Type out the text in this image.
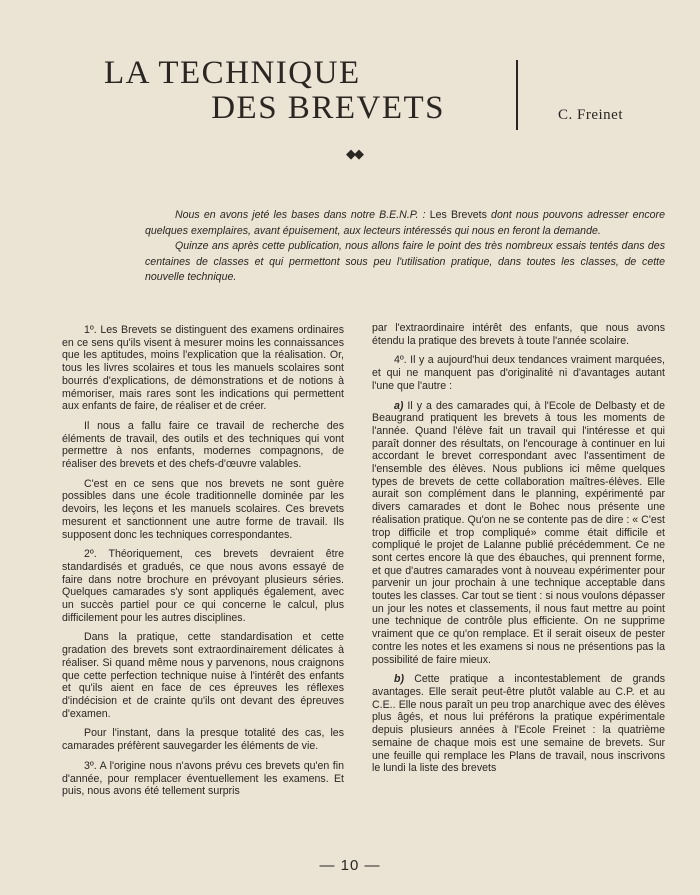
LA TECHNIQUE
DES BREVETS	C. Freinet
◆◆

Nous en avons jeté les bases dans notre B.E.N.P. : Les Brevets dont nous pouvons adresser encore quelques exemplaires, avant épuisement, aux lecteurs intéressés qui nous en feront la demande.

Quinze ans après cette publication, nous allons faire le point des très nombreux essais tentés dans des centaines de classes et qui permettont sous peu l'utilisation pratique, dans toutes les classes, de cette nouvelle technique.

1º. Les Brevets se distinguent des examens ordinaires en ce sens qu'ils visent à mesurer moins les connaissances que les aptitudes, moins l'explication que la réalisation. Or, tous les livres scolaires et tous les manuels scolaires sont bourrés d'explications, de démonstrations et de notions à mémoriser, mais rares sont les indications qui permettent aux enfants de faire, de réaliser et de créer.

Il nous a fallu faire ce travail de recherche des éléments de travail, des outils et des techniques qui vont permettre à nos enfants, modernes compagnons, de réaliser des brevets et des chefs-d'œuvre valables.

C'est en ce sens que nos brevets ne sont guère possibles dans une école traditionnelle dominée par les devoirs, les leçons et les manuels scolaires. Ces brevets mesurent et sanctionnent une autre forme de travail. Ils supposent donc les techniques correspondantes.

2º. Théoriquement, ces brevets devraient être standardisés et gradués, ce que nous avons essayé de faire dans notre brochure en prévoyant plusieurs séries. Quelques camarades s'y sont appliqués également, avec un succès partiel pour ce qui concerne le calcul, plus difficilement pour les autres disciplines.

Dans la pratique, cette standardisation et cette gradation des brevets sont extraordinairement délicates à réaliser. Si quand même nous y parvenons, nous craignons que cette perfection technique nuise à l'intérêt des enfants et qu'ils aient en face de ces épreuves les réflexes d'indécision et de crainte qu'ils ont devant des épreuves d'examen.

Pour l'instant, dans la presque totalité des cas, les camarades préfèrent sauvegarder les éléments de vie.

3º. A l'origine nous n'avons prévu ces brevets qu'en fin d'année, pour remplacer éventuellement les examens. Et puis, nous avons été tellement surpris

par l'extraordinaire intérêt des enfants, que nous avons étendu la pratique des brevets à toute l'année scolaire.

4º. Il y a aujourd'hui deux tendances vraiment marquées, et qui ne manquent pas d'originalité ni d'avantages autant l'une que l'autre :

a) Il y a des camarades qui, à l'Ecole de Delbasty et de Beaugrand pratiquent les brevets à tous les moments de l'année. Quand l'élève fait un travail qui l'intéresse et qui paraît donner des résultats, on l'encourage à continuer en lui accordant le brevet correspondant avec l'assentiment de l'ensemble des élèves. Nous publions ici même quelques types de brevets de cette collaboration maîtres-élèves. Elle aurait son complément dans le planning, expérimenté par divers camarades et dont le Bohec nous présente une réalisation pratique. Qu'on ne se contente pas de dire : « C'est trop difficile et trop compliqué» comme était difficile et compliqué le projet de Lalanne publié précédemment. Ce ne sont certes encore là que des ébauches, qui prennent forme, et que d'autres camarades vont à nouveau expérimenter pour parvenir un jour prochain à une technique acceptable dans toutes les classes. Car tout se tient : si nous voulons dépasser un jour les notes et classements, il nous faut mettre au point une technique de contrôle plus efficiente. On ne supprime vraiment que ce qu'on remplace. Et il serait oiseux de pester contre les notes et les examens si nous ne présentions pas la possibilité de faire mieux.

b) Cette pratique a incontestablement de grands avantages. Elle serait peut-être plutôt valable au C.P. et au C.E.. Elle nous paraît un peu trop anarchique avec des élèves plus âgés, et nous lui préférons la pratique expérimentale depuis plusieurs années à l'Ecole Freinet : la quatrième semaine de chaque mois est une semaine de brevets. Sur une feuille qui remplace les Plans de travail, nous inscrivons le lundi la liste des brevets

— 10 —
